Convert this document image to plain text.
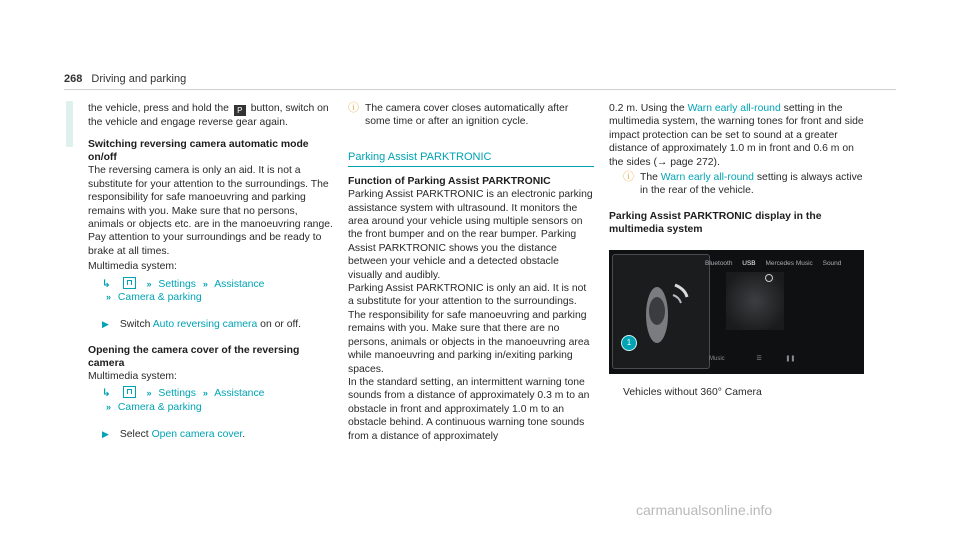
268 Driving and parking

the vehicle, press and hold the P button, switch on the vehicle and engage reverse gear again.

Switching reversing camera automatic mode on/off

The reversing camera is only an aid. It is not a substitute for your attention to the surroundings. The responsibility for safe manoeuvring and parking remains with you. Make sure that no persons, animals or objects etc. are in the manoeuvring range. Pay attention to your surroundings and be ready to brake at all times.

Multimedia system:

↳	» Settings » Assistance
» Camera & parking

▶ Switch Auto reversing camera on or off.

Opening the camera cover of the reversing camera

Multimedia system:

↳	» Settings » Assistance
» Camera & parking

▶ Select Open camera cover.

ⓘ The camera cover closes automatically after some time or after an ignition cycle.
Parking Assist PARKTRONIC

Function of Parking Assist PARKTRONIC

Parking Assist PARKTRONIC is an electronic parking assistance system with ultrasound. It monitors the area around your vehicle using multiple sensors on the front bumper and on the rear bumper. Parking Assist PARKTRONIC shows you the distance between your vehicle and a detected obstacle visually and audibly.

Parking Assist PARKTRONIC is only an aid. It is not a substitute for your attention to the surroundings. The responsibility for safe manoeuvring and parking remains with you. Make sure that there are no persons, animals or objects in the manoeuvring area while manoeuvring and parking in/exiting parking spaces.

In the standard setting, an intermittent warning tone sounds from a distance of approximately 0.3 m to an obstacle in front and approximately 1.0 m to an obstacle behind. A continuous warning tone sounds from a distance of approximately

0.2 m. Using the Warn early all-round setting in the multimedia system, the warning tones for front and side impact protection can be set to sound at a greater distance of approximately 1.0 m in front and 0.6 m on the sides (→ page 272).

ⓘ The Warn early all-round setting is always active in the rear of the vehicle.

Parking Assist PARKTRONIC display in the multimedia system

Bluetooth USB Mercedes Music Sound
Music	☰	❚❚
1

Vehicles without 360° Camera

carmanualsonline.info
